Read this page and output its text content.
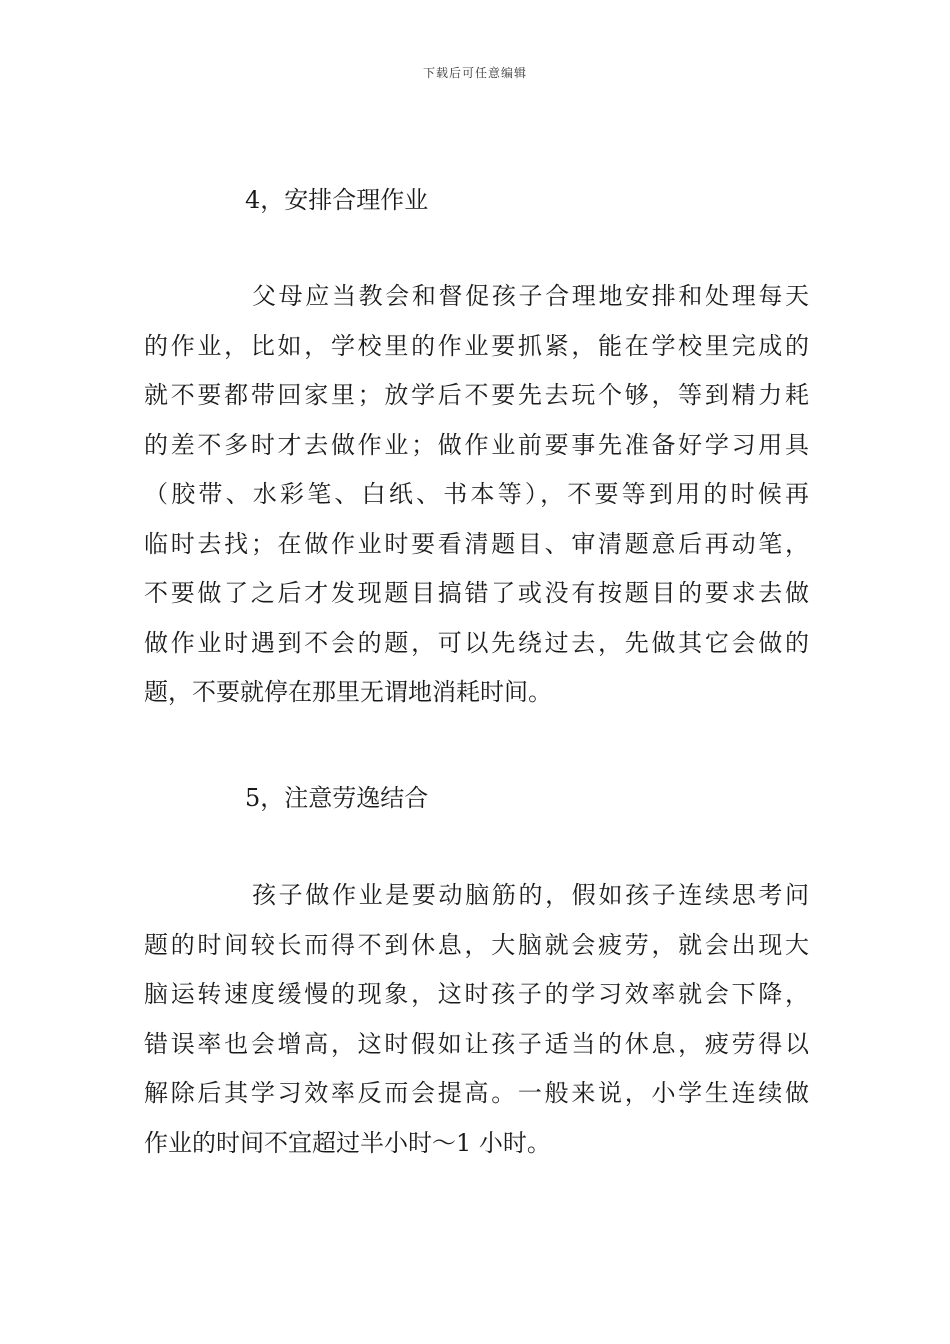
下载后可任意编辑
4，安排合理作业
父母应当教会和督促孩子合理地安排和处理每天
的作业，比如，学校里的作业要抓紧，能在学校里完成的
就不要都带回家里；放学后不要先去玩个够，等到精力耗
的差不多时才去做作业；做作业前要事先准备好学习用具
（胶带、水彩笔、白纸、书本等），不要等到用的时候再
临时去找；在做作业时要看清题目、审清题意后再动笔，
不要做了之后才发现题目搞错了或没有按题目的要求去做
做作业时遇到不会的题，可以先绕过去，先做其它会做的
题，不要就停在那里无谓地消耗时间。
5，注意劳逸结合
孩子做作业是要动脑筋的，假如孩子连续思考问
题的时间较长而得不到休息，大脑就会疲劳，就会出现大
脑运转速度缓慢的现象，这时孩子的学习效率就会下降，
错误率也会增高，这时假如让孩子适当的休息，疲劳得以
解除后其学习效率反而会提高。一般来说，小学生连续做
作业的时间不宜超过半小时～1 小时。
